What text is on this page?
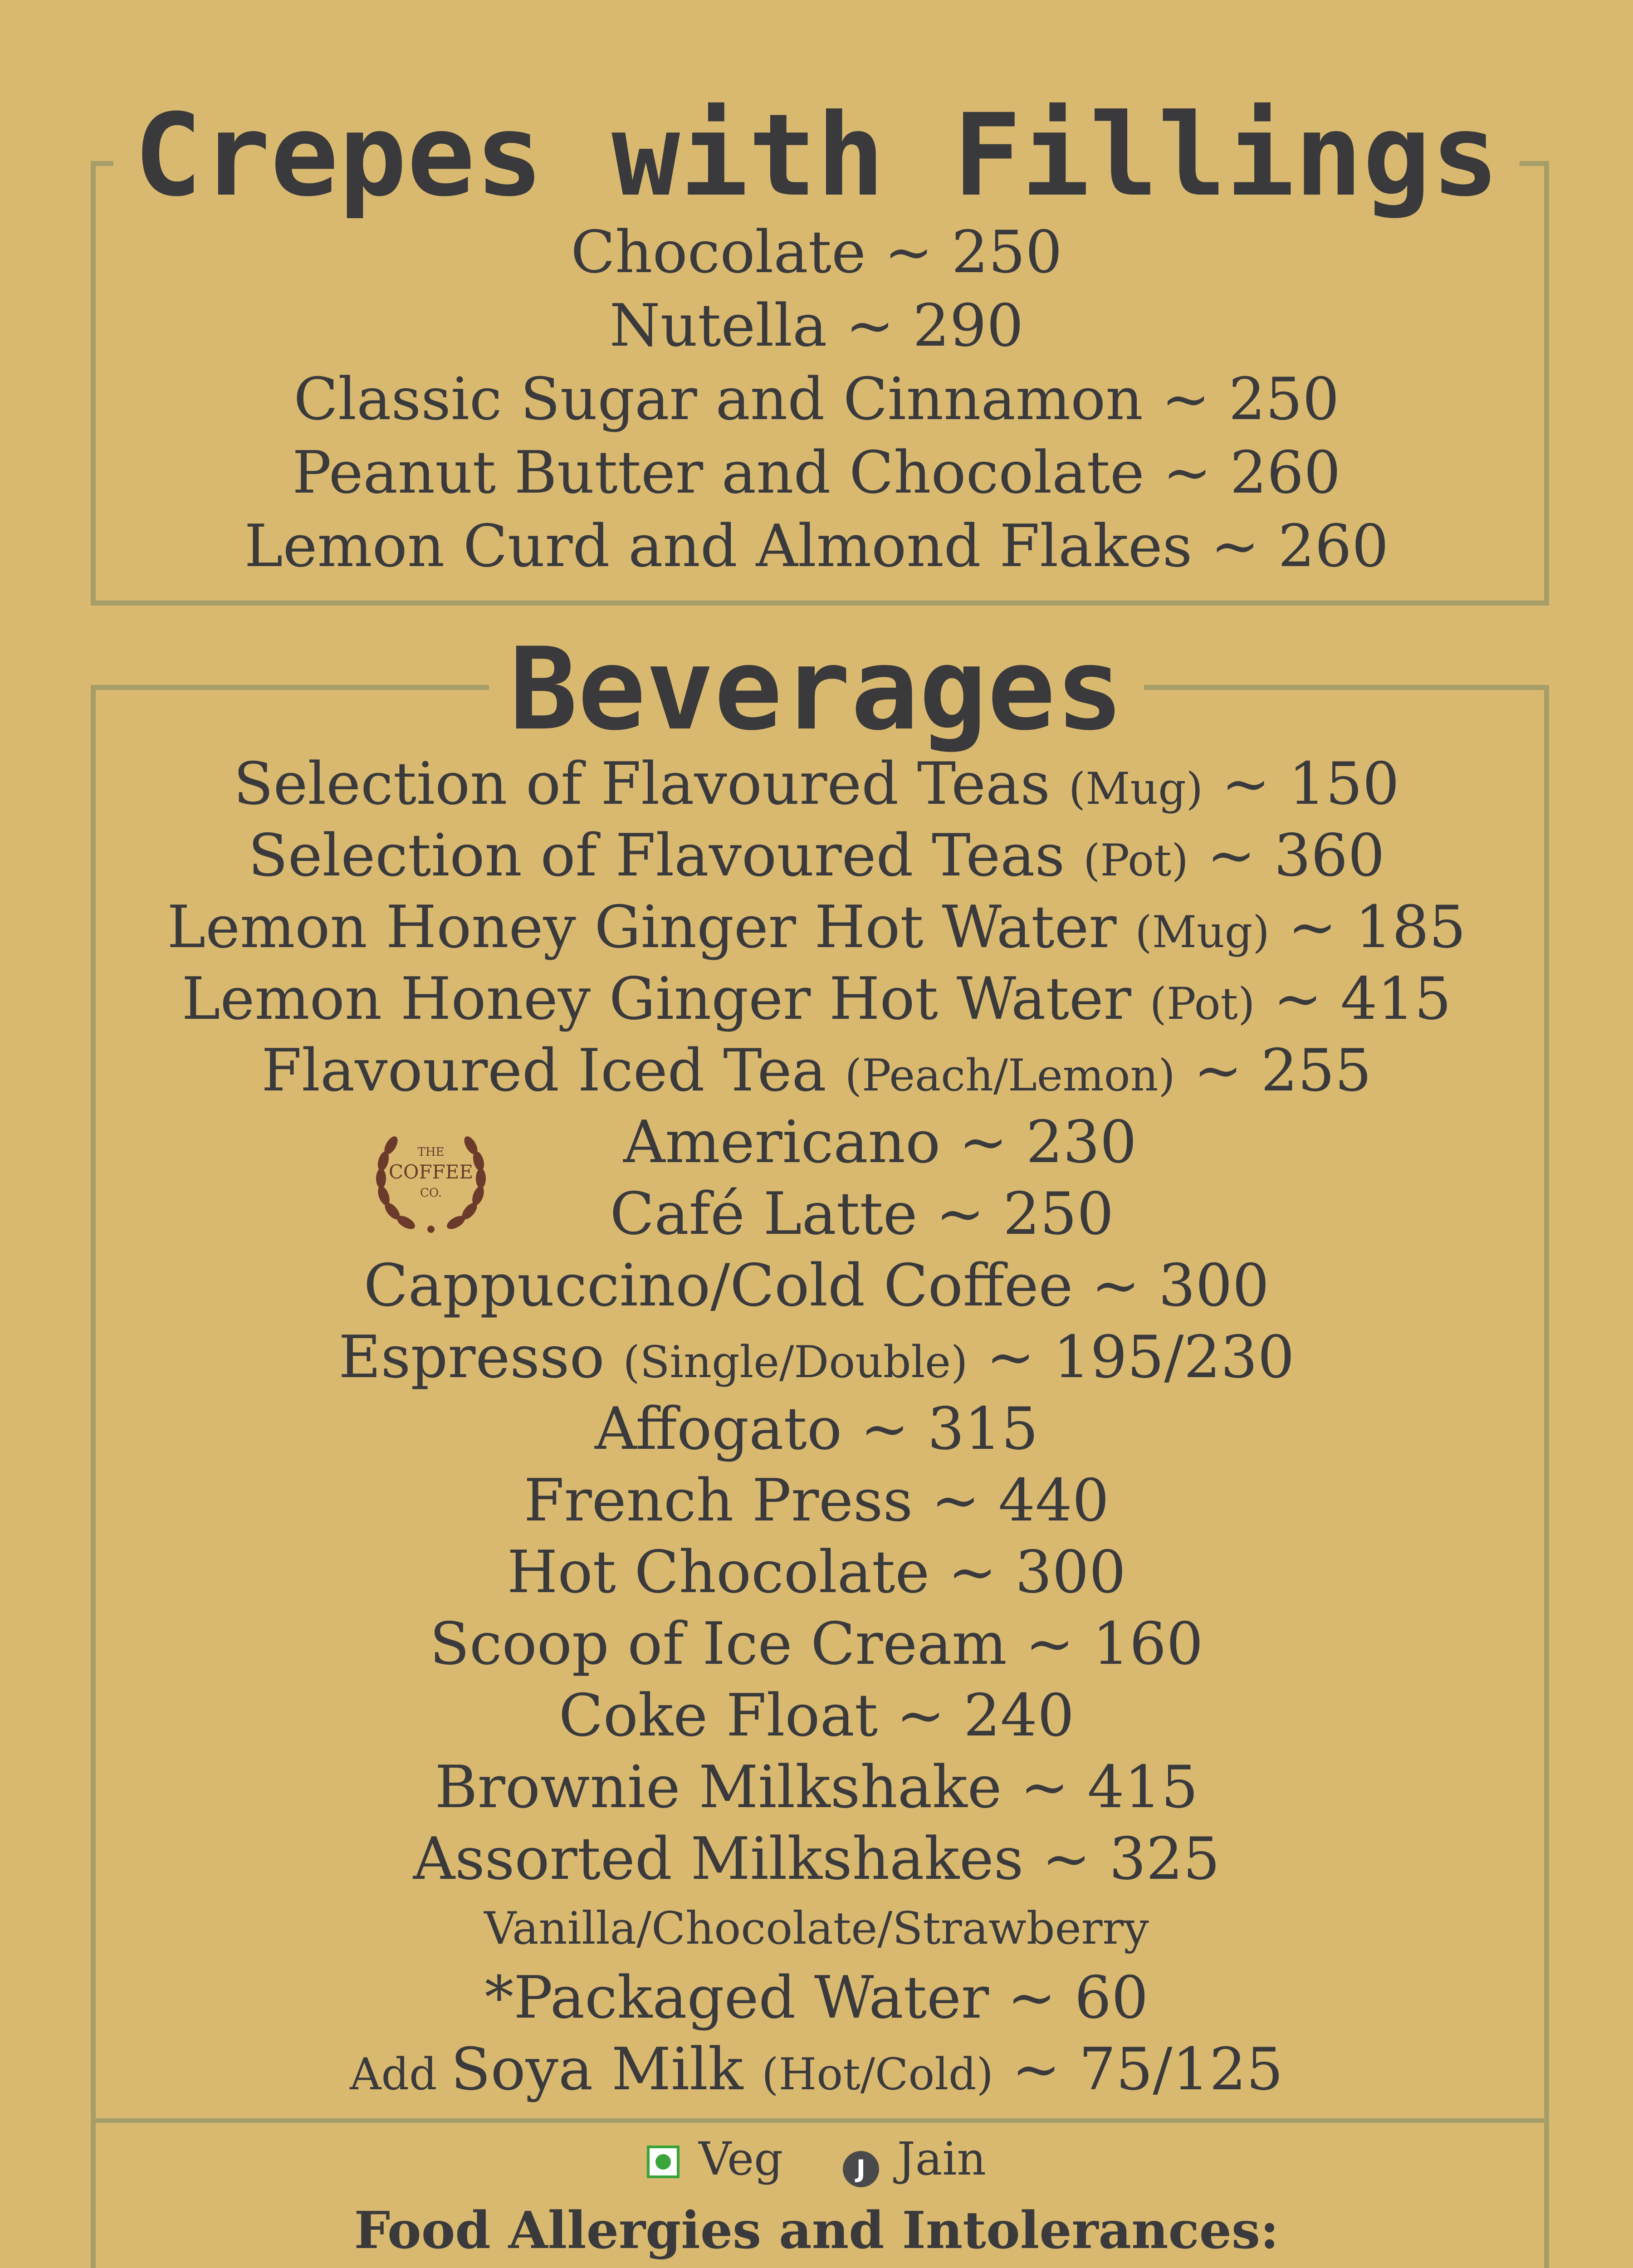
Crepes with Fillings
Chocolate ~ 250
Nutella ~ 290
Classic Sugar and Cinnamon ~ 250
Peanut Butter and Chocolate ~ 260
Lemon Curd and Almond Flakes ~ 260
Beverages
THE
COFFEE
CO.
Selection of Flavoured Teas (Mug) ~ 150
Selection of Flavoured Teas (Pot) ~ 360
Lemon Honey Ginger Hot Water (Mug) ~ 185
Lemon Honey Ginger Hot Water (Pot) ~ 415
Flavoured Iced Tea (Peach/Lemon) ~ 255
Americano ~ 230
Café Latte ~ 250
Cappuccino/Cold Coffee ~ 300
Espresso (Single/Double) ~ 195/230
Affogato ~ 315
French Press ~ 440
Hot Chocolate ~ 300
Scoop of Ice Cream ~ 160
Coke Float ~ 240
Brownie Milkshake ~ 415
Assorted Milkshakes ~ 325
Vanilla/Chocolate/Strawberry
*Packaged Water ~ 60
Add Soya Milk (Hot/Cold) ~ 75/125
Veg	J Jain
Food Allergies and Intolerances:
